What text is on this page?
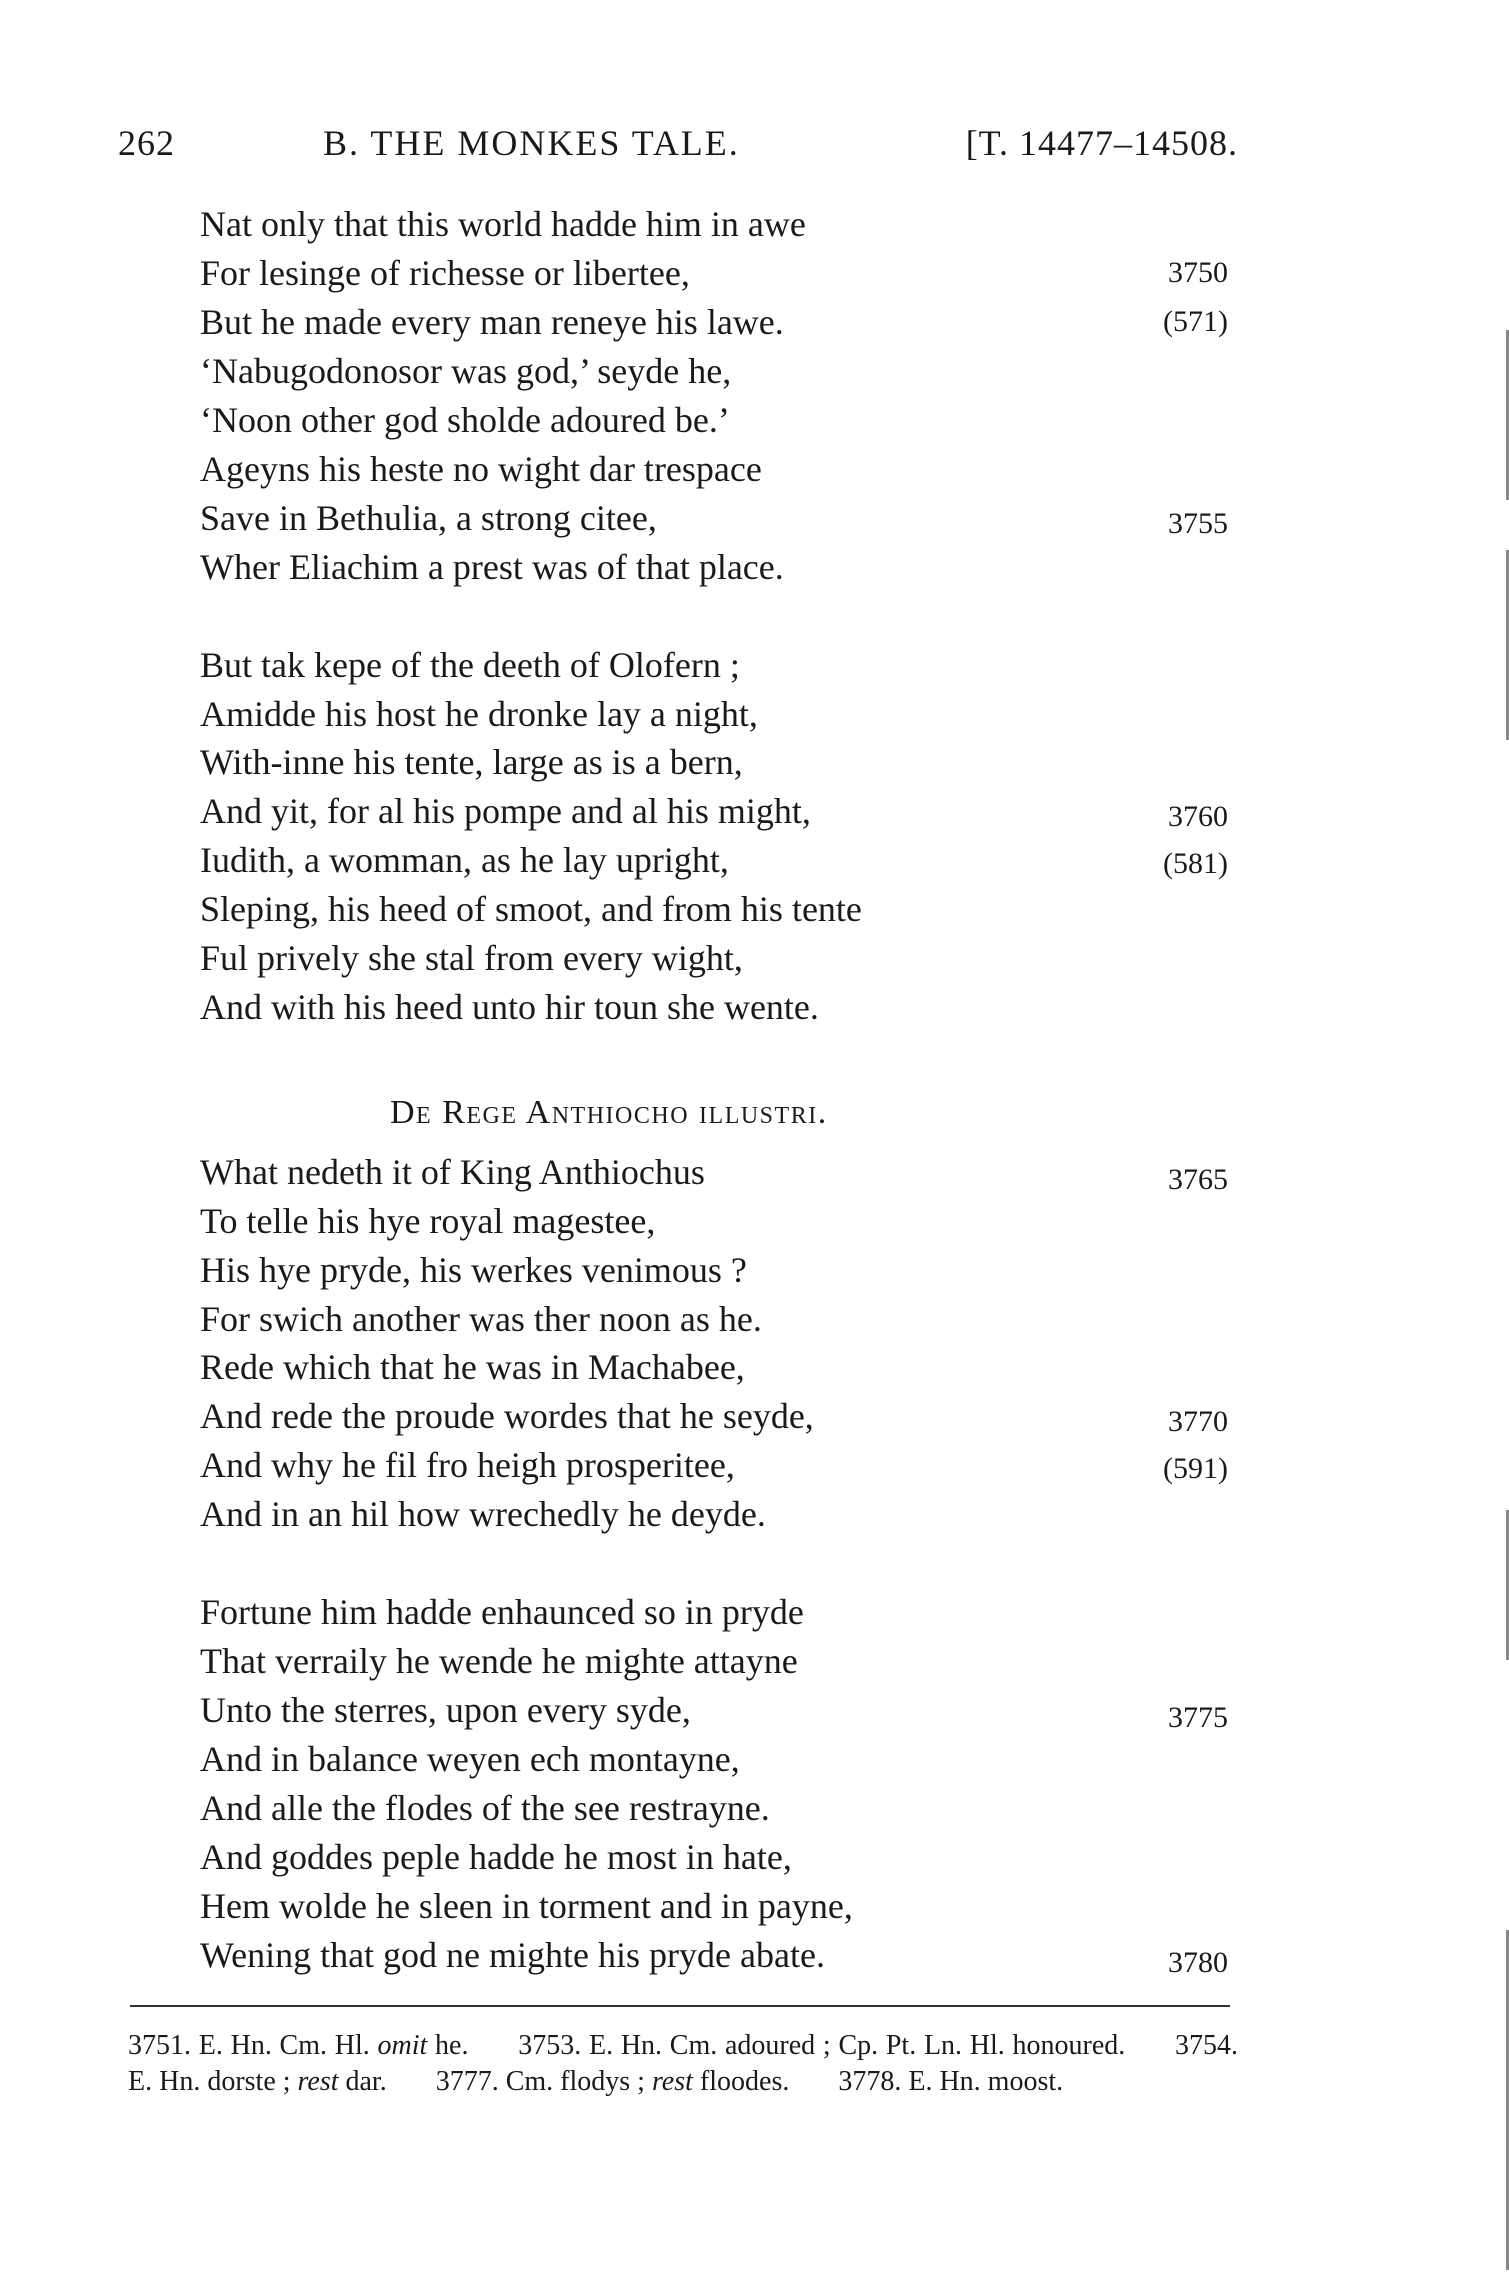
262	B. THE MONKES TALE.	[T. 14477–14508.
Nat only that this world hadde him in awe
For lesinge of richesse or libertee,	3750
But he made every man reneye his lawe.	(571)
‘Nabugodonosor was god,’ seyde he,
‘Noon other god sholde adoured be.’
Ageyns his heste no wight dar trespace
Save in Bethulia, a strong citee,	3755
Wher Eliachim a prest was of that place.
But tak kepe of the deeth of Olofern ;
Amidde his host he dronke lay a night,
With-inne his tente, large as is a bern,
And yit, for al his pompe and al his might,	3760
Iudith, a womman, as he lay upright,	(581)
Sleping, his heed of smoot, and from his tente
Ful prively she stal from every wight,
And with his heed unto hir toun she wente.
De Rege Anthiocho illustri.
What nedeth it of King Anthiochus	3765
To telle his hye royal magestee,
His hye pryde, his werkes venimous ?
For swich another was ther noon as he.
Rede which that he was in Machabee,
And rede the proude wordes that he seyde,	3770
And why he fil fro heigh prosperitee,	(591)
And in an hil how wrechedly he deyde.
Fortune him hadde enhaunced so in pryde
That verraily he wende he mighte attayne
Unto the sterres, upon every syde,	3775
And in balance weyen ech montayne,
And alle the flodes of the see restrayne.
And goddes peple hadde he most in hate,
Hem wolde he sleen in torment and in payne,
Wening that god ne mighte his pryde abate.	3780
3751. E. Hn. Cm. Hl. omit he. 3753. E. Hn. Cm. adoured ; Cp. Pt. Ln. Hl. honoured. 3754. E. Hn. dorste ; rest dar. 3777. Cm. flodys ; rest floodes. 3778. E. Hn. moost.
